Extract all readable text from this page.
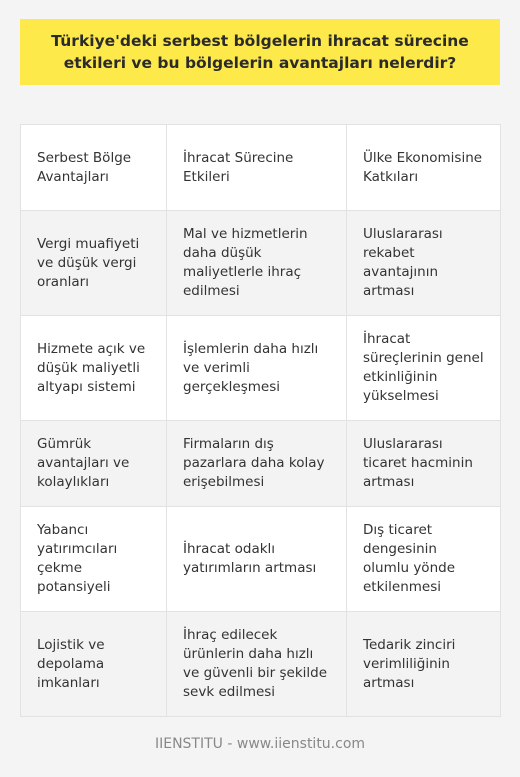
Türkiye'deki serbest bölgelerin ihracat sürecine etkileri ve bu bölgelerin avantajları nelerdir?
Serbest Bölge Avantajları	İhracat Sürecine Etkileri	Ülke Ekonomisine Katkıları
Vergi muafiyeti ve düşük vergi oranları	Mal ve hizmetlerin daha düşük maliyetlerle ihraç edilmesi	Uluslararası rekabet avantajının artması
Hizmete açık ve düşük maliyetli altyapı sistemi	İşlemlerin daha hızlı ve verimli gerçekleşmesi	İhracat süreçlerinin genel etkinliğinin yükselmesi
Gümrük avantajları ve kolaylıkları	Firmaların dış pazarlara daha kolay erişebilmesi	Uluslararası ticaret hacminin artması
Yabancı yatırımcıları çekme potansiyeli	İhracat odaklı yatırımların artması	Dış ticaret dengesinin olumlu yönde etkilenmesi
Lojistik ve depolama imkanları	İhraç edilecek ürünlerin daha hızlı ve güvenli bir şekilde sevk edilmesi	Tedarik zinciri verimliliğinin artması
IIENSTITU - www.iienstitu.com
